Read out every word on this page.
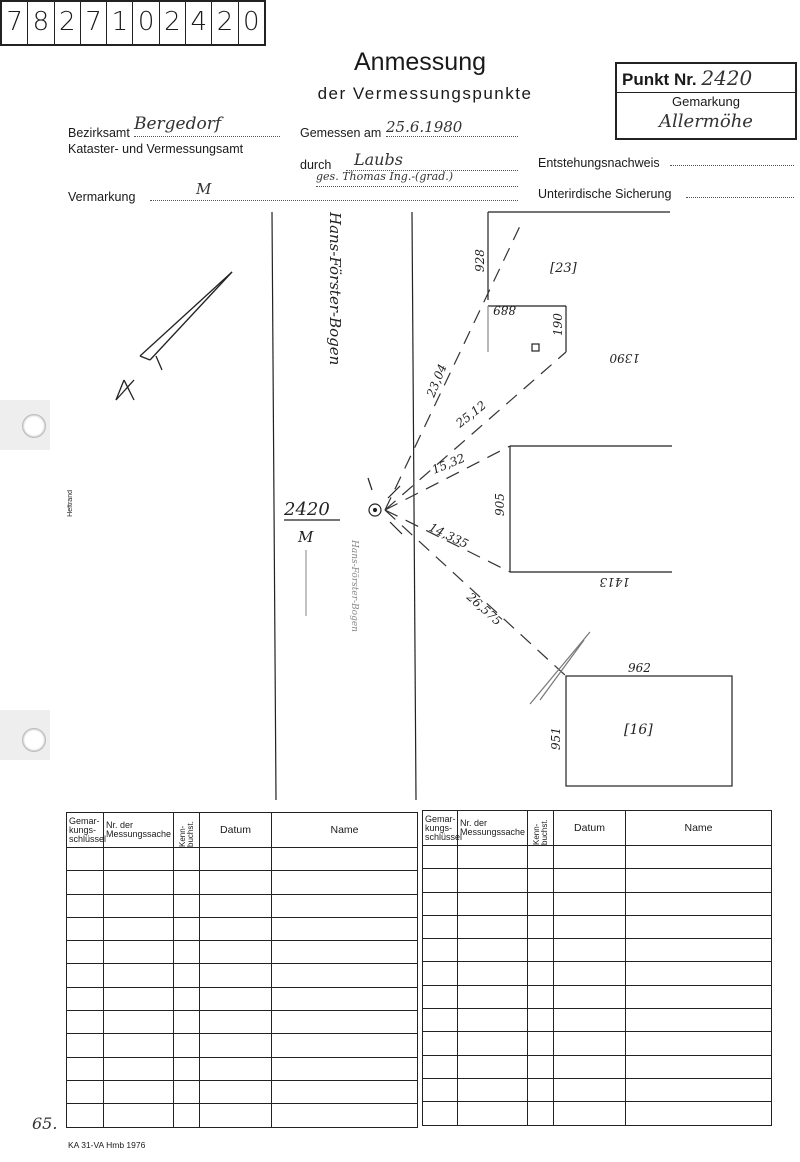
7 8 2 7 1 0 2 4 2 0
Anmessung
der Vermessungspunkte
Punkt Nr. 2420
Gemarkung
Allermöhe
Bezirksamt Bergedorf
Kataster- und Vermessungsamt
Gemessen am 25.6.1980
durch	Laubs
ges. Thomas Ing.-(grad.)
Entstehungsnachweis
Unterirdische Sicherung
Vermarkung	M
Heftrand
Hans-Förster-Bogen
Hans-Förster-Bogen
2420
M
[23]
[16]
928
889
190
23,04
25,12
15,32
905
14,335
26,575
962
951
1413
1390
Gemar-kungs-schlüssel	Nr. der Messungssache	Kenn-buchst.	Datum	Name

Gemar-kungs-schlüssel	Nr. der Messungssache	Kenn-buchst.	Datum	Name

65.
KA 31-VA Hmb 1976
